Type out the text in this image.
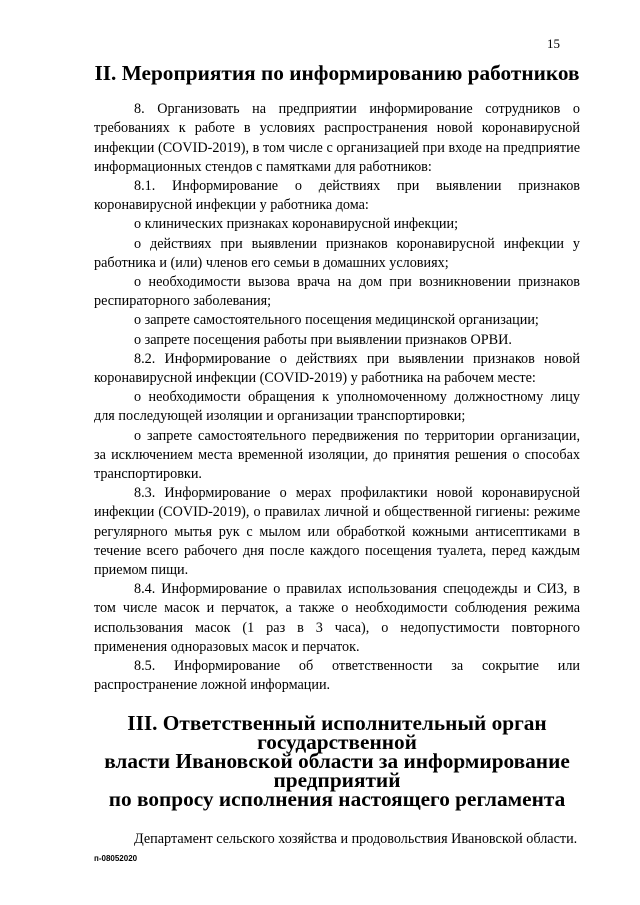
15
II. Мероприятия по информированию работников

8. Организовать на предприятии информирование сотрудников о требованиях к работе в условиях распространения новой коронавирусной инфекции (COVID-2019), в том числе с организацией при входе на предприятие информационных стендов с памятками для работников:

8.1. Информирование о действиях при выявлении признаков коронавирусной инфекции у работника дома:

о клинических признаках коронавирусной инфекции;

о действиях при выявлении признаков коронавирусной инфекции у работника и (или) членов его семьи в домашних условиях;

о необходимости вызова врача на дом при возникновении признаков респираторного заболевания;

о запрете самостоятельного посещения медицинской организации;

о запрете посещения работы при выявлении признаков ОРВИ.

8.2. Информирование о действиях при выявлении признаков новой коронавирусной инфекции (COVID-2019) у работника на рабочем месте:

о необходимости обращения к уполномоченному должностному лицу для последующей изоляции и организации транспортировки;

о запрете самостоятельного передвижения по территории организации, за исключением места временной изоляции, до принятия решения о способах транспортировки.

8.3. Информирование о мерах профилактики новой коронавирусной инфекции (COVID-2019), о правилах личной и общественной гигиены: режиме регулярного мытья рук с мылом или обработкой кожными антисептиками в течение всего рабочего дня после каждого посещения туалета, перед каждым приемом пищи.

8.4. Информирование о правилах использования спецодежды и СИЗ, в том числе масок и перчаток, а также о необходимости соблюдения режима использования масок (1 раз в 3 часа), о недопустимости повторного применения одноразовых масок и перчаток.

8.5. Информирование об ответственности за сокрытие или распространение ложной информации.

III. Ответственный исполнительный орган государственной
власти Ивановской области за информирование предприятий
по вопросу исполнения настоящего регламента

Департамент сельского хозяйства и продовольствия Ивановской области.

п-08052020
